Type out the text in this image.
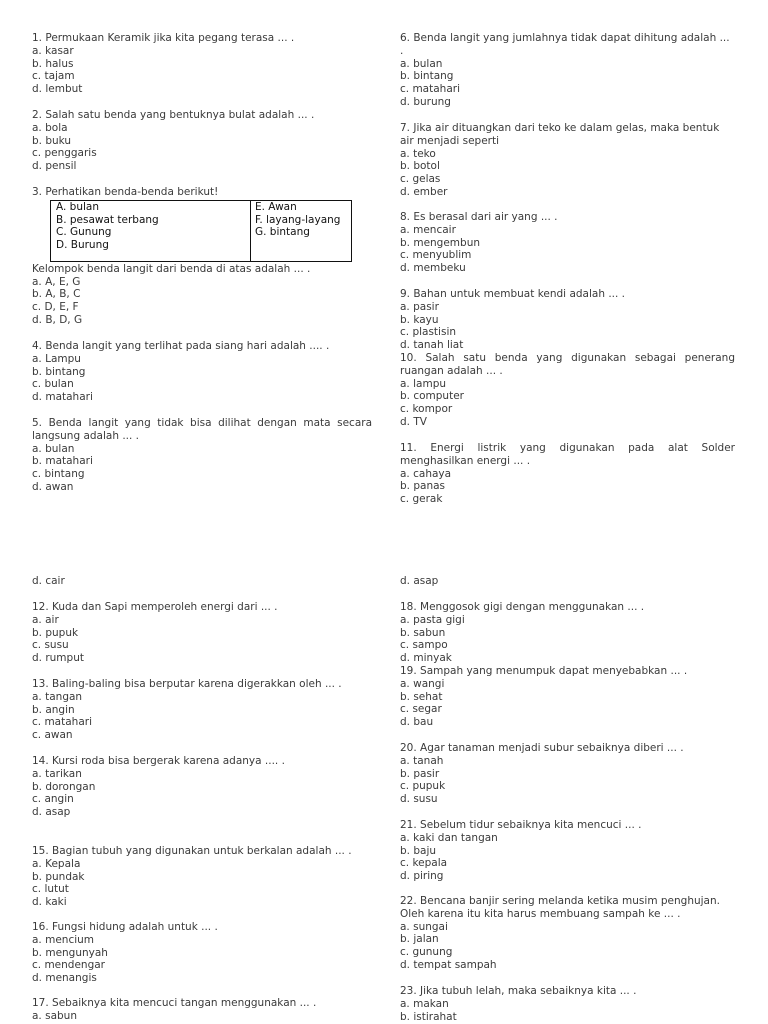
1. Permukaan Keramik jika kita pegang terasa ... .
a. kasar
b. halus
c. tajam
d. lembut
2. Salah satu benda yang bentuknya bulat adalah ... .
a. bola
b. buku
c. penggaris
d. pensil
3. Perhatikan benda-benda berikut!
A. bulan
B. pesawat terbang
C. Gunung
D. Burung
E. Awan
F. layang-layang
G. bintang
Kelompok benda langit dari benda di atas adalah ... .
a. A, E, G
b. A, B, C
c. D, E, F
d. B, D, G
4. Benda langit yang terlihat pada siang hari adalah .... .
a. Lampu
b. bintang
c. bulan
d. matahari
5. Benda langit yang tidak bisa dilihat dengan mata secara langsung adalah ... .
a. bulan
b. matahari
c. bintang
d. awan
6. Benda langit yang jumlahnya tidak dapat dihitung adalah ... .
a. bulan
b. bintang
c. matahari
d. burung
7. Jika air dituangkan dari teko ke dalam gelas, maka bentuk air menjadi seperti
a. teko
b. botol
c. gelas
d. ember
8. Es berasal dari air yang ... .
a. mencair
b. mengembun
c. menyublim
d. membeku
9. Bahan untuk membuat kendi adalah ... .
a. pasir
b. kayu
c. plastisin
d. tanah liat
10. Salah satu benda yang digunakan sebagai penerang ruangan adalah ... .
a. lampu
b. computer
c. kompor
d. TV
11. Energi listrik yang digunakan pada alat Solder menghasilkan energi ... .
a. cahaya
b. panas
c. gerak
d. cair
12. Kuda dan Sapi memperoleh energi dari ... .
a. air
b. pupuk
c. susu
d. rumput
13. Baling-baling bisa berputar karena digerakkan oleh ... .
a. tangan
b. angin
c. matahari
c. awan
14. Kursi roda bisa bergerak karena adanya .... .
a. tarikan
b. dorongan
c. angin
d. asap
15. Bagian tubuh yang digunakan untuk berkalan adalah ... .
a. Kepala
b. pundak
c. lutut
d. kaki
16. Fungsi hidung adalah untuk ... .
a. mencium
b. mengunyah
c. mendengar
d. menangis
17. Sebaiknya kita mencuci tangan menggunakan ... .
a. sabun
d. asap
18. Menggosok gigi dengan menggunakan ... .
a. pasta gigi
b. sabun
c. sampo
d. minyak
19. Sampah yang menumpuk dapat menyebabkan ... .
a. wangi
b. sehat
c. segar
d. bau
20. Agar tanaman menjadi subur sebaiknya diberi ... .
a. tanah
b. pasir
c. pupuk
d. susu
21. Sebelum tidur sebaiknya kita mencuci ... .
a. kaki dan tangan
b. baju
c. kepala
d. piring
22. Bencana banjir sering melanda ketika musim penghujan. Oleh karena itu kita harus membuang sampah ke ... .
a. sungai
b. jalan
c. gunung
d. tempat sampah
23. Jika tubuh lelah, maka sebaiknya kita ... .
a. makan
b. istirahat
